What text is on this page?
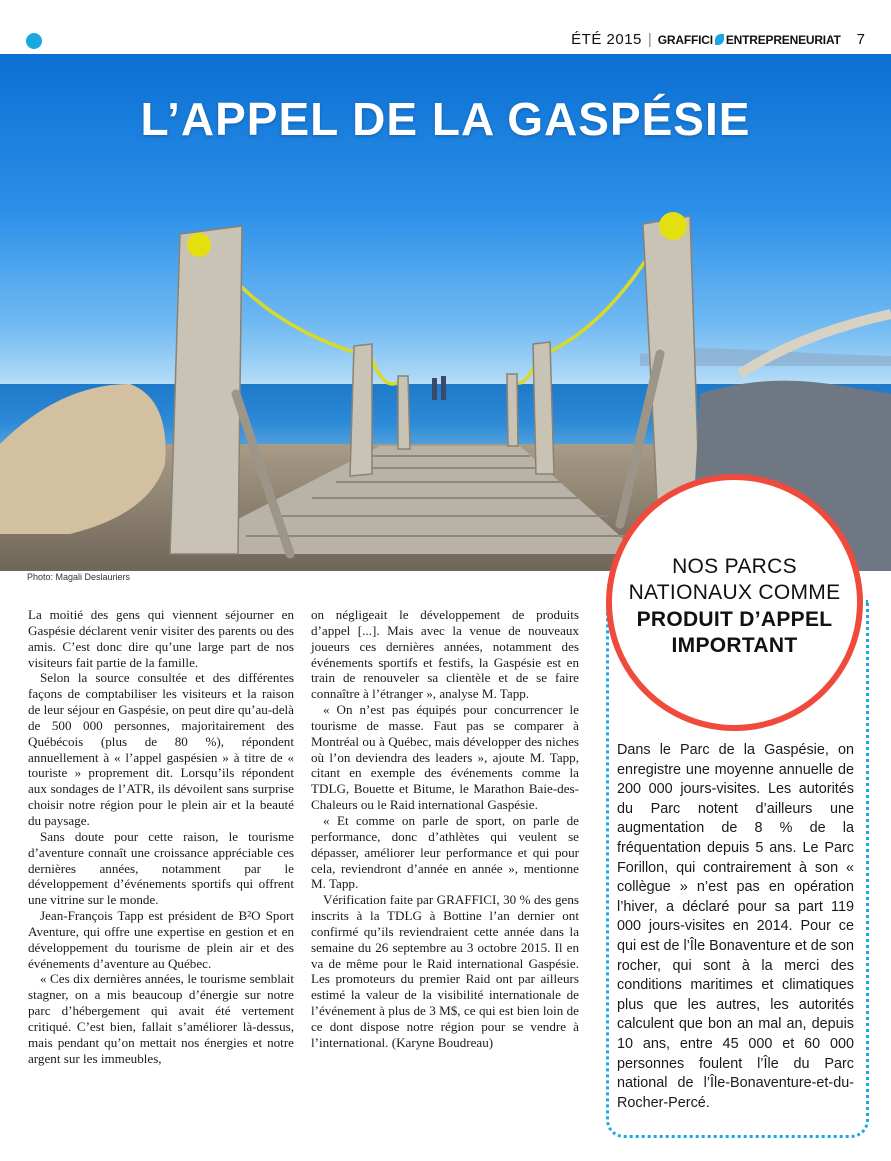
ÉTÉ 2015 | GRAFFICI ENTREPRENEURIAT 7
L’APPEL DE LA GASPÉSIE
Photo: Magali Deslauriers

La moitié des gens qui viennent séjourner en Gaspésie déclarent venir visiter des parents ou des amis. C’est donc dire qu’une large part de nos visiteurs fait partie de la famille.

Selon la source consultée et des différentes façons de comptabiliser les visiteurs et la raison de leur séjour en Gaspésie, on peut dire qu’au-delà de 500 000 personnes, majoritairement des Québécois (plus de 80 %), répondent annuellement à « l’appel gaspésien » à titre de « touriste » proprement dit. Lorsqu’ils répondent aux sondages de l’ATR, ils dévoilent sans surprise choisir notre région pour le plein air et la beauté du paysage.

Sans doute pour cette raison, le tourisme d’aventure connaît une croissance appréciable ces dernières années, notamment par le développement d’événements sportifs qui offrent une vitrine sur le monde.

Jean-François Tapp est président de B²O Sport Aventure, qui offre une expertise en gestion et en développement du tourisme de plein air et des événements d’aventure au Québec.

« Ces dix dernières années, le tourisme semblait stagner, on a mis beaucoup d’énergie sur notre parc d’hébergement qui avait été vertement critiqué. C’est bien, fallait s’améliorer là-dessus, mais pendant qu’on mettait nos énergies et notre argent sur les immeubles,

on négligeait le développement de produits d’appel [...]. Mais avec la venue de nouveaux joueurs ces dernières années, notamment des événements sportifs et festifs, la Gaspésie est en train de renouveler sa clientèle et de se faire connaître à l’étranger », analyse M. Tapp.

« On n’est pas équipés pour concurrencer le tourisme de masse. Faut pas se comparer à Montréal ou à Québec, mais développer des niches où l’on deviendra des leaders », ajoute M. Tapp, citant en exemple des événements comme la TDLG, Bouette et Bitume, le Marathon Baie-des-Chaleurs ou le Raid international Gaspésie.

« Et comme on parle de sport, on parle de performance, donc d’athlètes qui veulent se dépasser, améliorer leur performance et qui pour cela, reviendront d’année en année », mentionne M. Tapp.

Vérification faite par GRAFFICI, 30 % des gens inscrits à la TDLG à Bottine l’an dernier ont confirmé qu’ils reviendraient cette année dans la semaine du 26 septembre au 3 octobre 2015. Il en va de même pour le Raid international Gaspésie. Les promoteurs du premier Raid ont par ailleurs estimé la valeur de la visibilité internationale de l’événement à plus de 3 M$, ce qui est bien loin de ce dont dispose notre région pour se vendre à l’international. (Karyne Boudreau)

NOS PARCS NATIONAUX COMME PRODUIT D’APPEL IMPORTANT
Dans le Parc de la Gaspésie, on enregistre une moyenne annuelle de 200 000 jours-visites. Les autorités du Parc notent d’ailleurs une augmentation de 8 % de la fréquentation depuis 5 ans. Le Parc Forillon, qui contrairement à son « collègue » n’est pas en opération l’hiver, a déclaré pour sa part 119 000 jours-visites en 2014. Pour ce qui est de l’Île Bonaventure et de son rocher, qui sont à la merci des conditions maritimes et climatiques plus que les autres, les autorités calculent que bon an mal an, depuis 10 ans, entre 45 000 et 60 000 personnes foulent l’Île du Parc national de l’Île-Bonaventure-et-du-Rocher-Percé.
